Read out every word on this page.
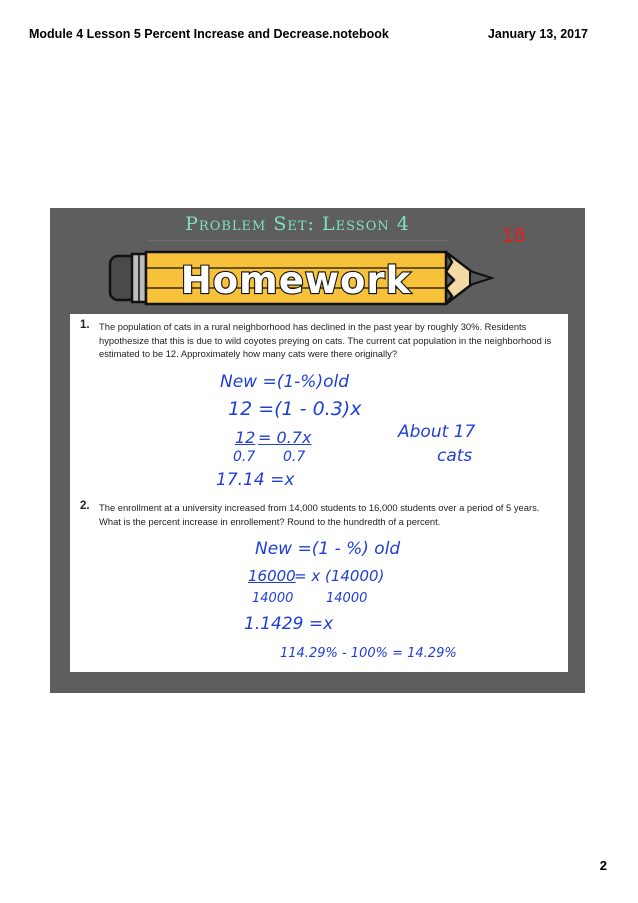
Module 4 Lesson 5 Percent Increase and Decrease.notebook	January 13, 2017
Problem Set: Lesson 4	18
Homework
1. The population of cats in a rural neighborhood has declined in the past year by roughly 30%. Residents hypothesize that this is due to wild coyotes preying on cats. The current cat population in the neighborhood is estimated to be 12. Approximately how many cats were there originally?
New =(1-%)old
12 =(1 - 0.3)x
12 = 0.7x
0.7 0.7
17.14 =x
About 17
cats
2. The enrollment at a university increased from 14,000 students to 16,000 students over a period of 5 years. What is the percent increase in enrollement? Round to the hundredth of a percent.
New =(1 - %) old
16000
= x (14000)
14000	14000
1.1429 =x
114.29% - 100% = 14.29%
2
